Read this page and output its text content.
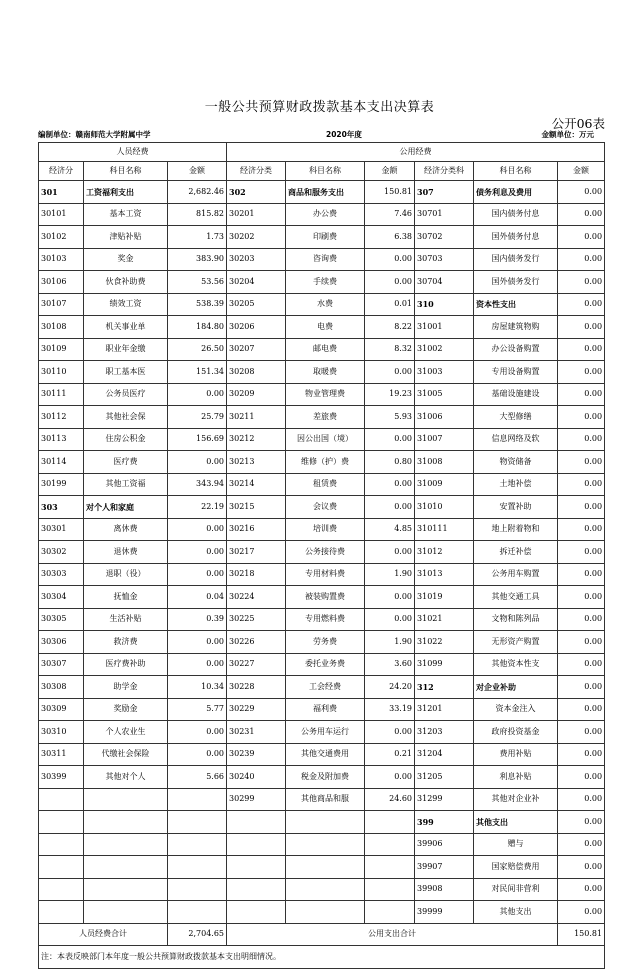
一般公共预算财政拨款基本支出决算表
公开06表
编制单位：赣南师范大学附属中学	2020年度	金额单位：万元
人员经费			公用经费					
经济分	科目名称	金额	经济分类	科目名称	金额	经济分类科	科目名称	金额
301	工资福利支出	2,682.46	302	商品和服务支出	150.81	307	债务利息及费用	0.00
30101	基本工资	815.82	30201	办公费	7.46	30701	国内债务付息	0.00
30102	津贴补贴	1.73	30202	印刷费	6.38	30702	国外债务付息	0.00
30103	奖金	383.90	30203	咨询费	0.00	30703	国内债务发行	0.00
30106	伙食补助费	53.56	30204	手续费	0.00	30704	国外债务发行	0.00
30107	绩效工资	538.39	30205	水费	0.01	310	资本性支出	0.00
30108	机关事业单	184.80	30206	电费	8.22	31001	房屋建筑物购	0.00
30109	职业年金缴	26.50	30207	邮电费	8.32	31002	办公设备购置	0.00
30110	职工基本医	151.34	30208	取暖费	0.00	31003	专用设备购置	0.00
30111	公务员医疗	0.00	30209	物业管理费	19.23	31005	基础设施建设	0.00
30112	其他社会保	25.79	30211	差旅费	5.93	31006	大型修缮	0.00
30113	住房公积金	156.69	30212	因公出国（境）	0.00	31007	信息网络及软	0.00
30114	医疗费	0.00	30213	维修（护）费	0.80	31008	物资储备	0.00
30199	其他工资福	343.94	30214	租赁费	0.00	31009	土地补偿	0.00
303	对个人和家庭	22.19	30215	会议费	0.00	31010	安置补助	0.00
30301	离休费	0.00	30216	培训费	4.85	310111	地上附着物和	0.00
30302	退休费	0.00	30217	公务接待费	0.00	31012	拆迁补偿	0.00
30303	退职（役）	0.00	30218	专用材料费	1.90	31013	公务用车购置	0.00
30304	抚恤金	0.04	30224	被装购置费	0.00	31019	其他交通工具	0.00
30305	生活补贴	0.39	30225	专用燃料费	0.00	31021	文物和陈列品	0.00
30306	救济费	0.00	30226	劳务费	1.90	31022	无形资产购置	0.00
30307	医疗费补助	0.00	30227	委托业务费	3.60	31099	其他资本性支	0.00
30308	助学金	10.34	30228	工会经费	24.20	312	对企业补助	0.00
30309	奖励金	5.77	30229	福利费	33.19	31201	资本金注入	0.00
30310	个人农业生	0.00	30231	公务用车运行	0.00	31203	政府投资基金	0.00
30311	代缴社会保险	0.00	30239	其他交通费用	0.21	31204	费用补贴	0.00
30399	其他对个人	5.66	30240	税金及附加费	0.00	31205	利息补贴	0.00
			30299	其他商品和服	24.60	31299	其他对企业补	0.00
						399	其他支出	0.00
						39906	赠与	0.00
						39907	国家赔偿费用	0.00
						39908	对民间非营利	0.00
						39999	其他支出	0.00
人员经费合计		2,704.65	公用支出合计					150.81
注：本表反映部门本年度一般公共预算财政拨款基本支出明细情况。								
